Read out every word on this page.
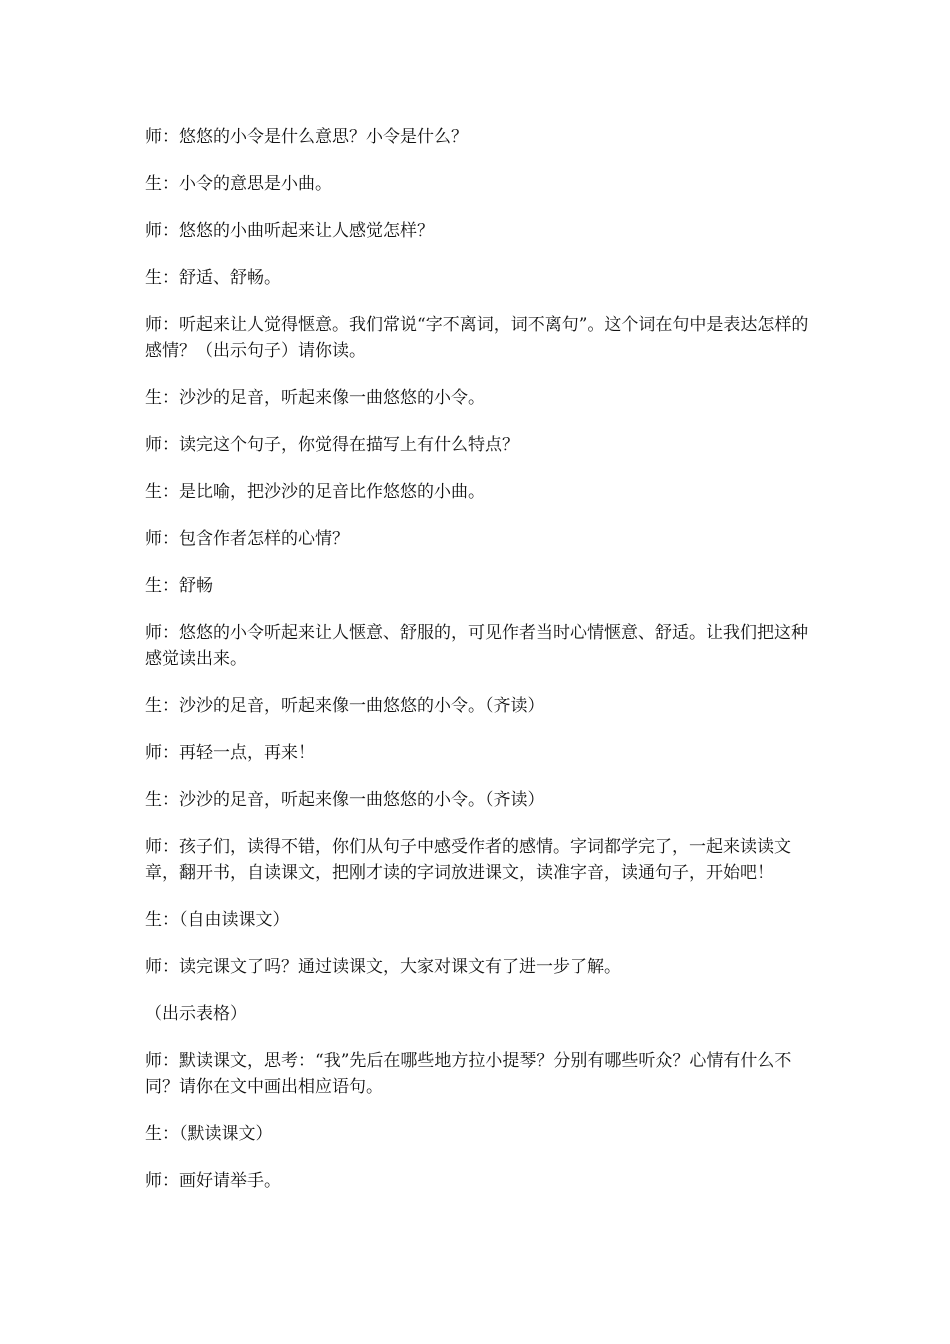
师：悠悠的小令是什么意思？小令是什么？

生：小令的意思是小曲。

师：悠悠的小曲听起来让人感觉怎样？

生：舒适、舒畅。

师：听起来让人觉得惬意。我们常说“字不离词，词不离句”。这个词在句中是表达怎样的感情？（出示句子）请你读。

生：沙沙的足音，听起来像一曲悠悠的小令。

师：读完这个句子，你觉得在描写上有什么特点？

生：是比喻，把沙沙的足音比作悠悠的小曲。

师：包含作者怎样的心情？

生：舒畅

师：悠悠的小令听起来让人惬意、舒服的，可见作者当时心情惬意、舒适。让我们把这种感觉读出来。

生：沙沙的足音，听起来像一曲悠悠的小令。（齐读）

师：再轻一点，再来！

生：沙沙的足音，听起来像一曲悠悠的小令。（齐读）

师：孩子们，读得不错，你们从句子中感受作者的感情。字词都学完了，一起来读读文章，翻开书，自读课文，把刚才读的字词放进课文，读准字音，读通句子，开始吧！

生：（自由读课文）

师：读完课文了吗？通过读课文，大家对课文有了进一步了解。

（出示表格）

师：默读课文，思考：“我”先后在哪些地方拉小提琴？分别有哪些听众？心情有什么不同？请你在文中画出相应语句。

生：（默读课文）

师：画好请举手。
